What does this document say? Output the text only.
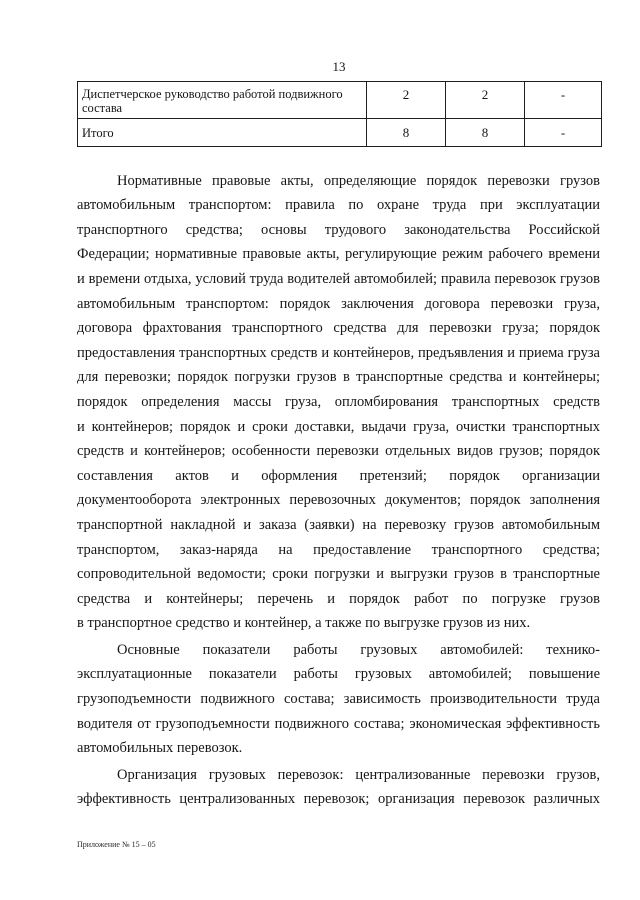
13
Диспетчерское руководство работой подвижного состава	2	2	-
Итого	8	8	-
Нормативные правовые акты, определяющие порядок перевозки грузов
автомобильным транспортом: правила по охране труда при эксплуатации
транспортного средства; основы трудового законодательства Российской
Федерации; нормативные правовые акты, регулирующие режим рабочего времени
и времени отдыха, условий труда водителей автомобилей; правила перевозок грузов
автомобильным транспортом: порядок заключения договора перевозки груза,
договора фрахтования транспортного средства для перевозки груза; порядок
предоставления транспортных средств и контейнеров, предъявления и приема груза
для перевозки; порядок погрузки грузов в транспортные средства и контейнеры;
порядок определения массы груза, опломбирования транспортных средств
и контейнеров; порядок и сроки доставки, выдачи груза, очистки транспортных
средств и контейнеров; особенности перевозки отдельных видов грузов; порядок
составления актов и оформления претензий; порядок организации
документооборота электронных перевозочных документов; порядок заполнения
транспортной накладной и заказа (заявки) на перевозку грузов автомобильным
транспортом, заказ-наряда на предоставление транспортного средства;
сопроводительной ведомости; сроки погрузки и выгрузки грузов в транспортные
средства и контейнеры; перечень и порядок работ по погрузке грузов
в транспортное средство и контейнер, а также по выгрузке грузов из них.
Основные показатели работы грузовых автомобилей: технико-
эксплуатационные показатели работы грузовых автомобилей; повышение
грузоподъемности подвижного состава; зависимость производительности труда
водителя от грузоподъемности подвижного состава; экономическая эффективность
автомобильных перевозок.
Организация грузовых перевозок: централизованные перевозки грузов,
эффективность централизованных перевозок; организация перевозок различных
Приложение № 15 – 05
